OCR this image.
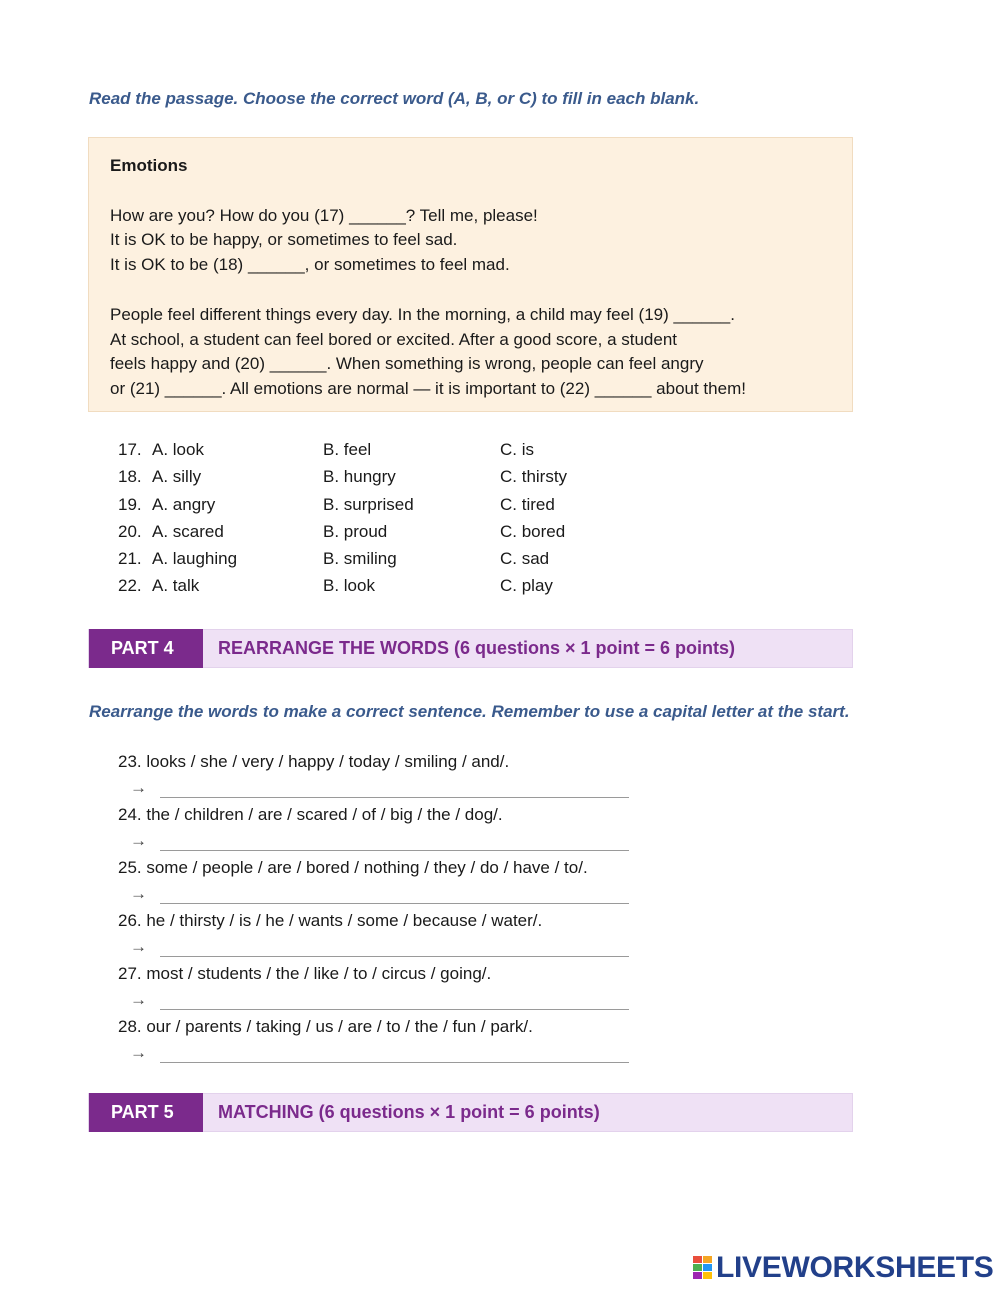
Read the passage. Choose the correct word (A, B, or C) to fill in each blank.
Emotions
How are you? How do you (17) ______? Tell me, please!
It is OK to be happy, or sometimes to feel sad.
It is OK to be (18) ______, or sometimes to feel mad.
People feel different things every day. In the morning, a child may feel (19) ______.
At school, a student can feel bored or excited. After a good score, a student
feels happy and (20) ______. When something is wrong, people can feel angry
or (21) ______. All emotions are normal — it is important to (22) ______ about them!
17. A. look	B. feel	C. is
18. A. silly	B. hungry	C. thirsty
19. A. angry	B. surprised	C. tired
20. A. scared	B. proud	C. bored
21. A. laughing	B. smiling	C. sad
22. A. talk	B. look	C. play
PART 4	REARRANGE THE WORDS (6 questions × 1 point = 6 points)
Rearrange the words to make a correct sentence. Remember to use a capital letter at the start.
23. looks / she / very / happy / today / smiling / and/.
→
24. the / children / are / scared / of / big / the / dog/.
→
25. some / people / are / bored / nothing / they / do / have / to/.
→
26. he / thirsty / is / he / wants / some / because / water/.
→
27. most / students / the / like / to / circus / going/.
→
28. our / parents / taking / us / are / to / the / fun / park/.
→
PART 5	MATCHING (6 questions × 1 point = 6 points)
LIVEWORKSHEETS
